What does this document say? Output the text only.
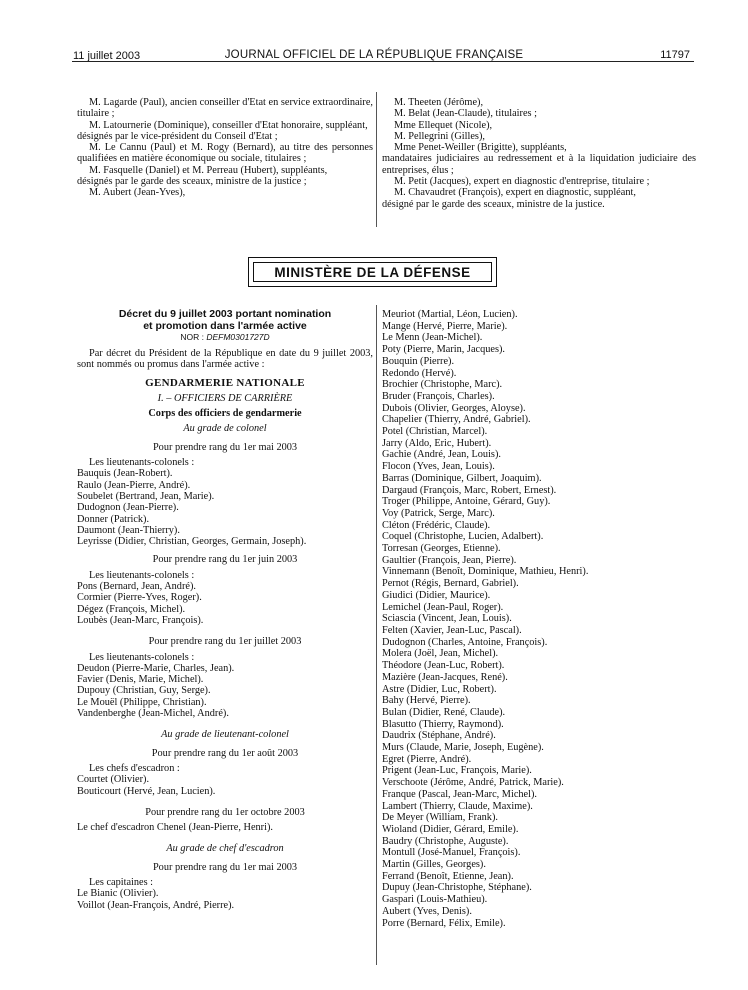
11 juillet 2003	JOURNAL OFFICIEL DE LA RÉPUBLIQUE FRANÇAISE	11797

M. Lagarde (Paul), ancien conseiller d'Etat en service extraordinaire, titulaire ;

M. Latournerie (Dominique), conseiller d'Etat honoraire, suppléant,

désignés par le vice-président du Conseil d'Etat ;

M. Le Cannu (Paul) et M. Rogy (Bernard), au titre des personnes qualifiées en matière économique ou sociale, titulaires ;

M. Fasquelle (Daniel) et M. Perreau (Hubert), suppléants,

désignés par le garde des sceaux, ministre de la justice ;

M. Aubert (Jean-Yves),

M. Theeten (Jérôme),

M. Belat (Jean-Claude), titulaires ;

Mme Ellequet (Nicole),

M. Pellegrini (Gilles),

Mme Penet-Weiller (Brigitte), suppléants,

mandataires judiciaires au redressement et à la liquidation judiciaire des entreprises, élus ;

M. Petit (Jacques), expert en diagnostic d'entreprise, titulaire ;

M. Chavaudret (François), expert en diagnostic, suppléant,

désigné par le garde des sceaux, ministre de la justice.

MINISTÈRE DE LA DÉFENSE
Décret du 9 juillet 2003 portant nomination
et promotion dans l'armée active
NOR : DEFM0301727D

Par décret du Président de la République en date du 9 juillet 2003, sont nommés ou promus dans l'armée active :

GENDARMERIE NATIONALE
I. – OFFICIERS DE CARRIÈRE
Corps des officiers de gendarmerie
Au grade de colonel
Pour prendre rang du 1er mai 2003
Les lieutenants-colonels :
Bauquis (Jean-Robert).
Raulo (Jean-Pierre, André).
Soubelet (Bertrand, Jean, Marie).
Dudognon (Jean-Pierre).
Donner (Patrick).
Daumont (Jean-Thierry).
Leyrisse (Didier, Christian, Georges, Germain, Joseph).
Pour prendre rang du 1er juin 2003
Les lieutenants-colonels :
Pons (Bernard, Jean, André).
Cormier (Pierre-Yves, Roger).
Dégez (François, Michel).
Loubès (Jean-Marc, François).
Pour prendre rang du 1er juillet 2003
Les lieutenants-colonels :
Deudon (Pierre-Marie, Charles, Jean).
Favier (Denis, Marie, Michel).
Dupouy (Christian, Guy, Serge).
Le Mouël (Philippe, Christian).
Vandenberghe (Jean-Michel, André).
Au grade de lieutenant-colonel
Pour prendre rang du 1er août 2003
Les chefs d'escadron :
Courtet (Olivier).
Bouticourt (Hervé, Jean, Lucien).
Pour prendre rang du 1er octobre 2003
Le chef d'escadron Chenel (Jean-Pierre, Henri).
Au grade de chef d'escadron
Pour prendre rang du 1er mai 2003
Les capitaines :
Le Bianic (Olivier).
Voillot (Jean-François, André, Pierre).
Meuriot (Martial, Léon, Lucien).
Mange (Hervé, Pierre, Marie).
Le Menn (Jean-Michel).
Poty (Pierre, Marin, Jacques).
Bouquin (Pierre).
Redondo (Hervé).
Brochier (Christophe, Marc).
Bruder (François, Charles).
Dubois (Olivier, Georges, Aloyse).
Chapelier (Thierry, André, Gabriel).
Potel (Christian, Marcel).
Jarry (Aldo, Eric, Hubert).
Gachie (André, Jean, Louis).
Flocon (Yves, Jean, Louis).
Barras (Dominique, Gilbert, Joaquim).
Dargaud (François, Marc, Robert, Ernest).
Troger (Philippe, Antoine, Gérard, Guy).
Voy (Patrick, Serge, Marc).
Cléton (Frédéric, Claude).
Coquel (Christophe, Lucien, Adalbert).
Torresan (Georges, Etienne).
Gaultier (François, Jean, Pierre).
Vinnemann (Benoît, Dominique, Mathieu, Henri).
Pernot (Régis, Bernard, Gabriel).
Giudici (Didier, Maurice).
Lemichel (Jean-Paul, Roger).
Sciascia (Vincent, Jean, Louis).
Felten (Xavier, Jean-Luc, Pascal).
Dudognon (Charles, Antoine, François).
Molera (Joël, Jean, Michel).
Théodore (Jean-Luc, Robert).
Mazière (Jean-Jacques, René).
Astre (Didier, Luc, Robert).
Bahy (Hervé, Pierre).
Bulan (Didier, René, Claude).
Blasutto (Thierry, Raymond).
Daudrix (Stéphane, André).
Murs (Claude, Marie, Joseph, Eugène).
Egret (Pierre, André).
Prigent (Jean-Luc, François, Marie).
Verschoote (Jérôme, André, Patrick, Marie).
Franque (Pascal, Jean-Marc, Michel).
Lambert (Thierry, Claude, Maxime).
De Meyer (William, Frank).
Wioland (Didier, Gérard, Emile).
Baudry (Christophe, Auguste).
Montull (José-Manuel, François).
Martin (Gilles, Georges).
Ferrand (Benoît, Etienne, Jean).
Dupuy (Jean-Christophe, Stéphane).
Gaspari (Louis-Mathieu).
Aubert (Yves, Denis).
Porre (Bernard, Félix, Emile).
